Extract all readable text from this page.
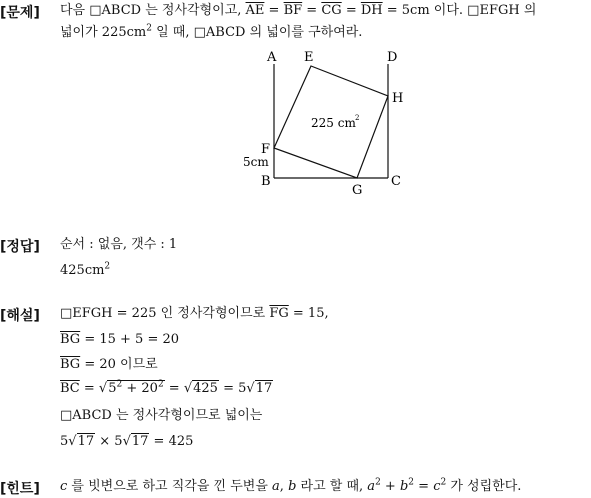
[문제] 다음 □ABCD 는 정사각형이고, $\overline{AE} = \overline{BF} = \overline{CG} = \overline{DH} = 5cm$ 이다. □EFGH 의
넓이가 $225cm^2$ 일 때, □ABCD 의 넓이를 구하여라.
A E	D
H
F
B
G
C
5cm
225 cm 2
[정답] 순서 : 없음, 갯수 : 1
$425cm^2$
[해설] □EFGH = 225 인 정사각형이므로 $\overline{FG} = 15$,
$\overline{BG} = 15 + 5 = 20$
$\overline{BG} = 20$ 이므로
$\overline{BC} = √5^2 + 20^2 = √425 = 5√17$
□ABCD 는 정사각형이므로 넓이는
5√17 × 5√17 = 425
[힌트] c 를 빗변으로 하고 직각을 낀 두변을 a, b 라고 할 때, $a^2 + b^2 = c^2$ 가 성립한다.
